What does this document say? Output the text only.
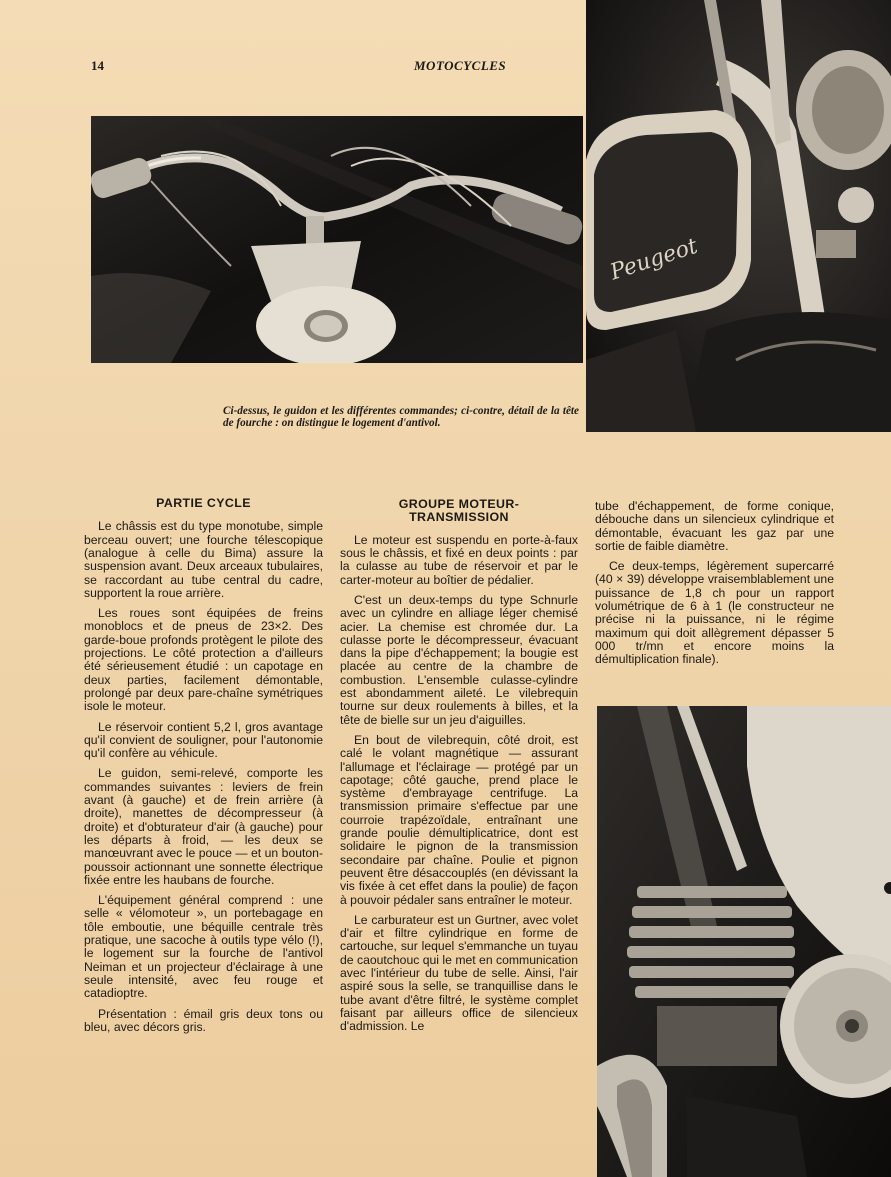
14	MOTOCYCLES
Peugeot
Ci-dessus, le guidon et les différentes commandes; ci-contre, détail de la tête de fourche : on distingue le logement d'antivol.
PARTIE CYCLE

Le châssis est du type monotube, simple berceau ouvert; une fourche télescopique (analogue à celle du Bima) assure la suspension avant. Deux arceaux tubulaires, se raccordant au tube central du cadre, supportent la roue arrière.

Les roues sont équipées de freins monoblocs et de pneus de 23×2. Des garde-boue profonds protègent le pilote des projections. Le côté protection a d'ailleurs été sérieusement étudié : un capotage en deux parties, facilement démontable, prolongé par deux pare-chaîne symétriques isole le moteur.

Le réservoir contient 5,2 l, gros avantage qu'il convient de souligner, pour l'autonomie qu'il confère au véhicule.

Le guidon, semi-relevé, comporte les commandes suivantes : leviers de frein avant (à gauche) et de frein arrière (à droite), manettes de décompresseur (à droite) et d'obturateur d'air (à gauche) pour les départs à froid, — les deux se manœuvrant avec le pouce — et un bouton-poussoir actionnant une sonnette électrique fixée entre les haubans de fourche.

L'équipement général comprend : une selle « vélomoteur », un portebagage en tôle emboutie, une béquille centrale très pratique, une sacoche à outils type vélo (!), le logement sur la fourche de l'antivol Neiman et un projecteur d'éclairage à une seule intensité, avec feu rouge et catadioptre.

Présentation : émail gris deux tons ou bleu, avec décors gris.

GROUPE MOTEUR-TRANSMISSION

Le moteur est suspendu en porte-à-faux sous le châssis, et fixé en deux points : par la culasse au tube de réservoir et par le carter-moteur au boîtier de pédalier.

C'est un deux-temps du type Schnurle avec un cylindre en alliage léger chemisé acier. La chemise est chromée dur. La culasse porte le décompresseur, évacuant dans la pipe d'échappement; la bougie est placée au centre de la chambre de combustion. L'ensemble culasse-cylindre est abondamment aileté. Le vilebrequin tourne sur deux roulements à billes, et la tête de bielle sur un jeu d'aiguilles.

En bout de vilebrequin, côté droit, est calé le volant magnétique — assurant l'allumage et l'éclairage — protégé par un capotage; côté gauche, prend place le système d'embrayage centrifuge. La transmission primaire s'effectue par une courroie trapézoïdale, entraînant une grande poulie démultiplicatrice, dont est solidaire le pignon de la transmission secondaire par chaîne. Poulie et pignon peuvent être désaccouplés (en dévissant la vis fixée à cet effet dans la poulie) de façon à pouvoir pédaler sans entraîner le moteur.

Le carburateur est un Gurtner, avec volet d'air et filtre cylindrique en forme de cartouche, sur lequel s'emmanche un tuyau de caoutchouc qui le met en communication avec l'intérieur du tube de selle. Ainsi, l'air aspiré sous la selle, se tranquillise dans le tube avant d'être filtré, le système complet faisant par ailleurs office de silencieux d'admission. Le

tube d'échappement, de forme conique, débouche dans un silencieux cylindrique et démontable, évacuant les gaz par une sortie de faible diamètre.

Ce deux-temps, légèrement supercarré (40 × 39) développe vraisemblablement une puissance de 1,8 ch pour un rapport volumétrique de 6 à 1 (le constructeur ne précise ni la puissance, ni le régime maximum qui doit allègrement dépasser 5 000 tr/mn et encore moins la démultiplication finale).
